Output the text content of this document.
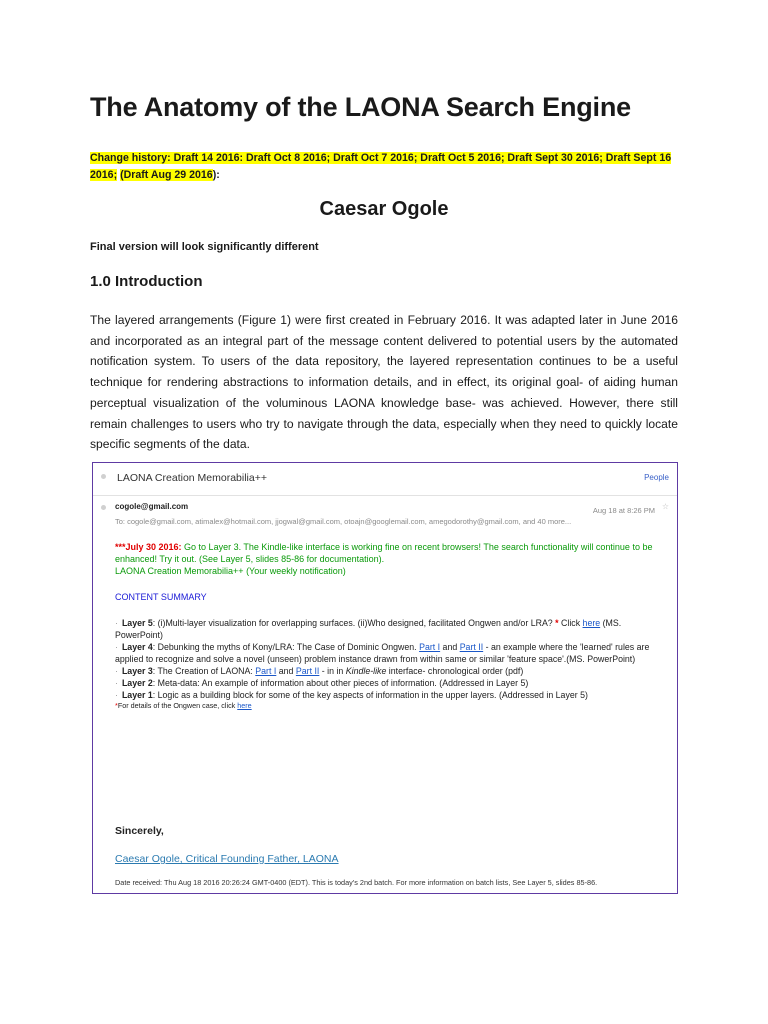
The Anatomy of the LAONA Search Engine
Change history: Draft 14 2016: Draft Oct 8 2016; Draft Oct 7 2016; Draft Oct 5 2016; Draft Sept 30 2016; Draft Sept 16 2016; (Draft Aug 29 2016):
Caesar Ogole
Final version will look significantly different
1.0 Introduction

The layered arrangements (Figure 1) were first created in February 2016. It was adapted later in June 2016 and incorporated as an integral part of the message content delivered to potential users by the automated notification system. To users of the data repository, the layered representation continues to be a useful technique for rendering abstractions to information details, and in effect, its original goal- of aiding human perceptual visualization of the voluminous LAONA knowledge base- was achieved. However, there still remain challenges to users who try to navigate through the data, especially when they need to quickly locate specific segments of the data.

LAONA Creation Memorabilia++	People
cogole@gmail.com
To: cogole@gmail.com, atimalex@hotmail.com, jjogwal@gmail.com, otoajn@googlemail.com, amegodorothy@gmail.com, and 40 more...
Aug 18 at 8:26 PM ☆

***July 30 2016: Go to Layer 3. The Kindle-like interface is working fine on recent browsers! The search functionality will continue to be enhanced! Try it out. (See Layer 5, slides 85-86 for documentation).

LAONA Creation Memorabilia++ (Your weekly notification)

CONTENT SUMMARY

· Layer 5: (i)Multi-layer visualization for overlapping surfaces. (ii)Who designed, facilitated Ongwen and/or LRA? * Click here (MS. PowerPoint)

· Layer 4: Debunking the myths of Kony/LRA: The Case of Dominic Ongwen. Part I and Part II - an example where the 'learned' rules are applied to recognize and solve a novel (unseen) problem instance drawn from within same or similar 'feature space'.(MS. PowerPoint)

· Layer 3: The Creation of LAONA: Part I and Part II - in in Kindle-like interface- chronological order (pdf)

· Layer 2: Meta-data: An example of information about other pieces of information. (Addressed in Layer 5)

· Layer 1: Logic as a building block for some of the key aspects of information in the upper layers. (Addressed in Layer 5)

*For details of the Ongwen case, click here

Sincerely,
Caesar Ogole, Critical Founding Father, LAONA
Date received: Thu Aug 18 2016 20:26:24 GMT-0400 (EDT). This is today's 2nd batch. For more information on batch lists, See Layer 5, slides 85-86.
